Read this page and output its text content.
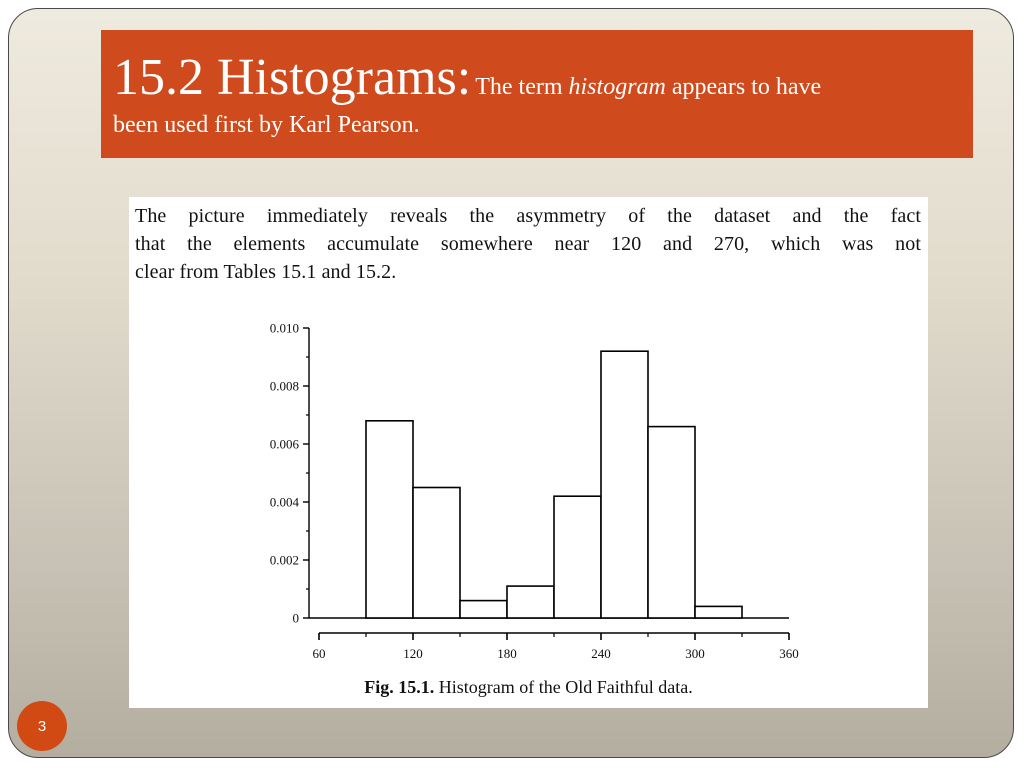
15.2 Histograms: The term histogram appears to have
been used first by Karl Pearson.
The picture immediately reveals the asymmetry of the dataset and the fact
that the elements accumulate somewhere near 120 and 270, which was not
clear from Tables 15.1 and 15.2.
0
0.002
0.004
0.006
0.008
0.010
60	120	180	240	300	360
Fig. 15.1. Histogram of the Old Faithful data.
3
